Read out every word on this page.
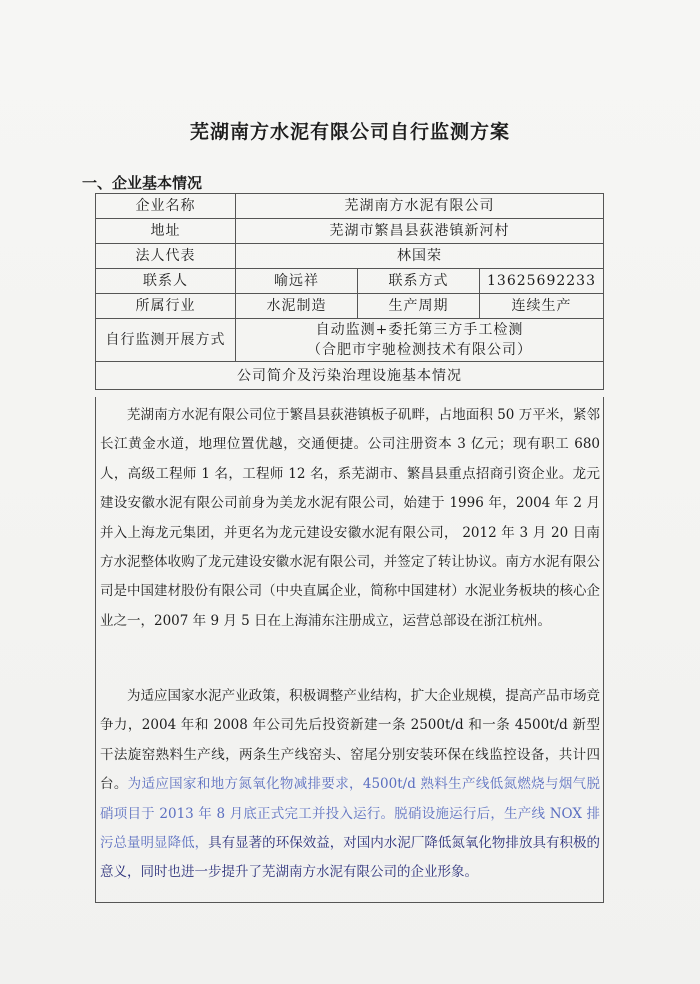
芜湖南方水泥有限公司自行监测方案
一、企业基本情况
企业名称	芜湖南方水泥有限公司		
地址	芜湖市繁昌县荻港镇新河村		
法人代表	林国荣		
联系人	喻远祥	联系方式	13625692233
所属行业	水泥制造	生产周期	连续生产
自行监测开展方式	自动监测+委托第三方手工检测
（合肥市宇驰检测技术有限公司）		

公司简介及污染治理设施基本情况			

芜湖南方水泥有限公司位于繁昌县荻港镇板子矶畔，占地面积 50 万平米，紧邻长江黄金水道，地理位置优越，交通便捷。公司注册资本 3 亿元；现有职工 680 人，高级工程师 1 名，工程师 12 名，系芜湖市、繁昌县重点招商引资企业。龙元建设安徽水泥有限公司前身为美龙水泥有限公司，始建于 1996 年，2004 年 2 月并入上海龙元集团，并更名为龙元建设安徽水泥有限公司， 2012 年 3 月 20 日南方水泥整体收购了龙元建设安徽水泥有限公司，并签定了转让协议。南方水泥有限公司是中国建材股份有限公司（中央直属企业，简称中国建材）水泥业务板块的核心企业之一，2007 年 9 月 5 日在上海浦东注册成立，运营总部设在浙江杭州。

为适应国家水泥产业政策，积极调整产业结构，扩大企业规模，提高产品市场竞争力，2004 年和 2008 年公司先后投资新建一条 2500t/d 和一条 4500t/d 新型干法旋窑熟料生产线，两条生产线窑头、窑尾分别安装环保在线监控设备，共计四台。为适应国家和地方氮氧化物减排要求，4500t/d 熟料生产线低氮燃烧与烟气脱硝项目于 2013 年 8 月底正式完工并投入运行。脱硝设施运行后，生产线 NOX 排污总量明显降低，具有显著的环保效益，对国内水泥厂降低氮氧化物排放具有积极的意义，同时也进一步提升了芜湖南方水泥有限公司的企业形象。
